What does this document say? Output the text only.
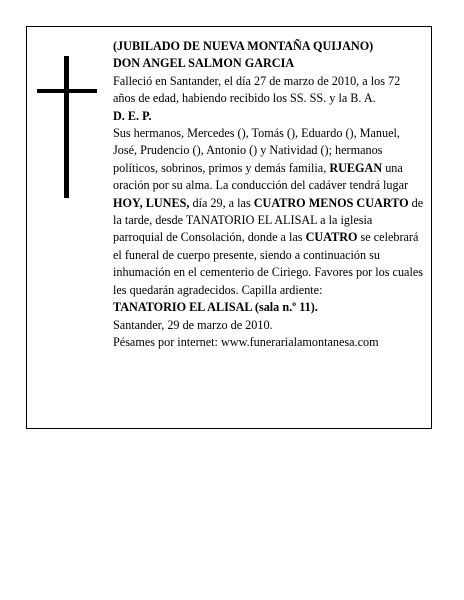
(JUBILADO DE NUEVA MONTAÑA QUIJANO)

DON ANGEL SALMON GARCIA

Falleció en Santander, el día 27 de marzo de 2010, a los 72 años de edad, habiendo recibido los SS. SS. y la B. A.

D. E. P.

Sus hermanos, Mercedes (), Tomás (), Eduardo (), Manuel, José, Prudencio (), Antonio () y Natividad (); hermanos políticos, sobrinos, primos y demás familia, RUEGAN una oración por su alma. La conducción del cadáver tendrá lugar HOY, LUNES, día 29, a las CUATRO MENOS CUARTO de la tarde, desde TANATORIO EL ALISAL a la iglesia parroquial de Consolación, donde a las CUATRO se celebrará el funeral de cuerpo presente, siendo a continuación su inhumación en el cementerio de Ciriego. Favores por los cuales les quedarán agradecidos. Capilla ardiente:

TANATORIO EL ALISAL (sala n.º 11).

Santander, 29 de marzo de 2010.

Pésames por internet: www.funerarialamontanesa.com
